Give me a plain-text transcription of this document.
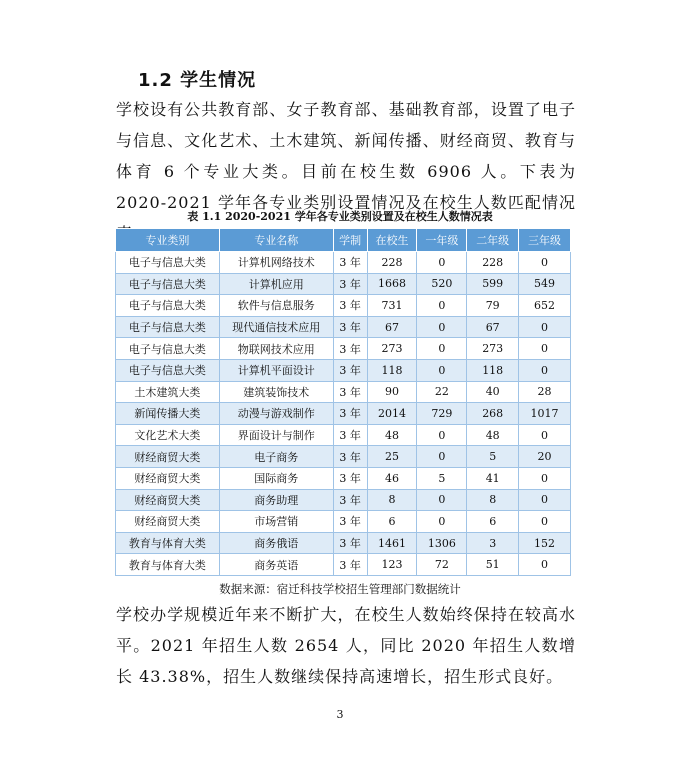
1.2 学生情况
学校设有公共教育部、女子教育部、基础教育部，设置了电子与信息、文化艺术、土木建筑、新闻传播、财经商贸、教育与体育 6 个专业大类。目前在校生数 6906 人。下表为 2020-2021 学年各专业类别设置情况及在校生人数匹配情况
表 1.1 2020-2021 学年各专业类别设置及在校生人数情况表
专业类别	专业名称	学制	在校生	一年级	二年级	三年级
电子与信息大类	计算机网络技术	3 年	228	0	228	0
电子与信息大类	计算机应用	3 年	1668	520	599	549
电子与信息大类	软件与信息服务	3 年	731	0	79	652
电子与信息大类	现代通信技术应用	3 年	67	0	67	0
电子与信息大类	物联网技术应用	3 年	273	0	273	0
电子与信息大类	计算机平面设计	3 年	118	0	118	0
土木建筑大类	建筑装饰技术	3 年	90	22	40	28
新闻传播大类	动漫与游戏制作	3 年	2014	729	268	1017
文化艺术大类	界面设计与制作	3 年	48	0	48	0
财经商贸大类	电子商务	3 年	25	0	5	20
财经商贸大类	国际商务	3 年	46	5	41	0
财经商贸大类	商务助理	3 年	8	0	8	0
财经商贸大类	市场营销	3 年	6	0	6	0
教育与体育大类	商务俄语	3 年	1461	1306	3	152
教育与体育大类	商务英语	3 年	123	72	51	0
数据来源：宿迁科技学校招生管理部门数据统计
学校办学规模近年来不断扩大，在校生人数始终保持在较高水平。2021 年招生人数 2654 人，同比 2020 年招生人数增长 43.38%，招生人数继续保持高速增长，招生形式良好。
3
